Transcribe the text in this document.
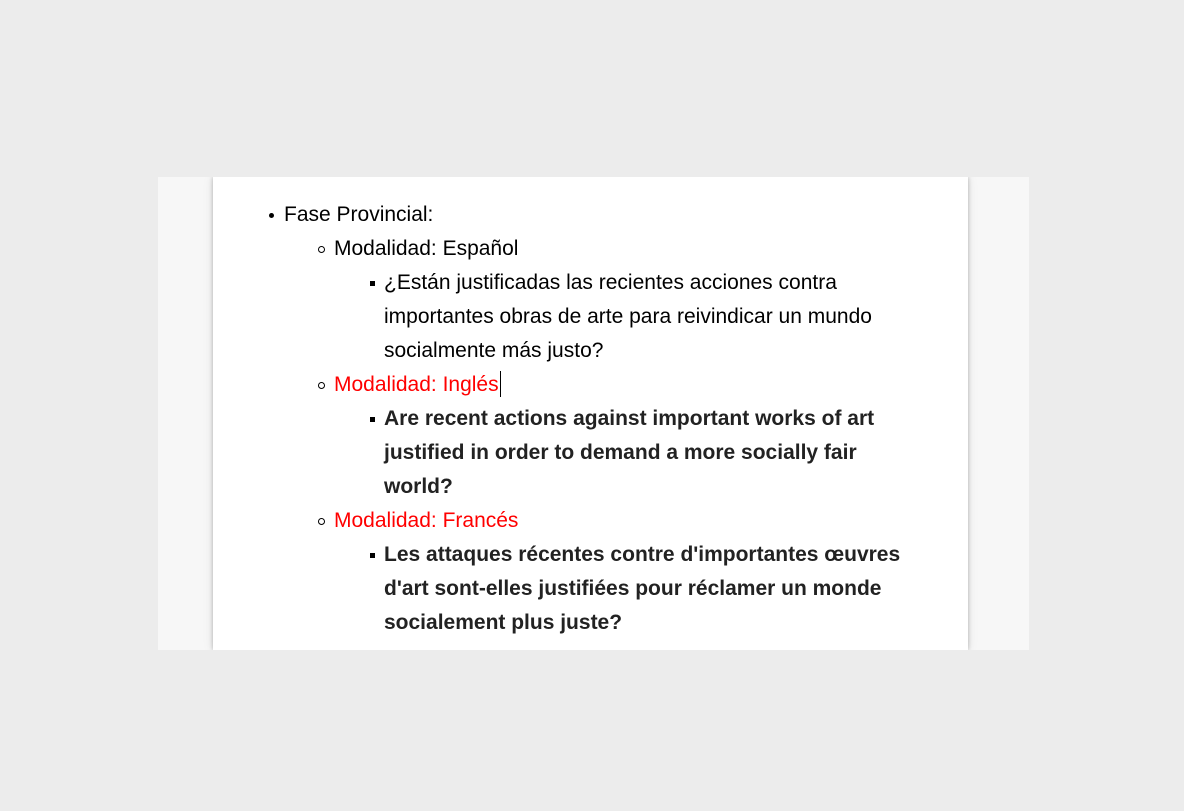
Fase Provincial:
Modalidad: Español
¿Están justificadas las recientes acciones contra
importantes obras de arte para reivindicar un mundo
socialmente más justo?
Modalidad: Inglés
Are recent actions against important works of art
justified in order to demand a more socially fair
world?
Modalidad: Francés
Les attaques récentes contre d'importantes œuvres
d'art sont-elles justifiées pour réclamer un monde
socialement plus juste?
